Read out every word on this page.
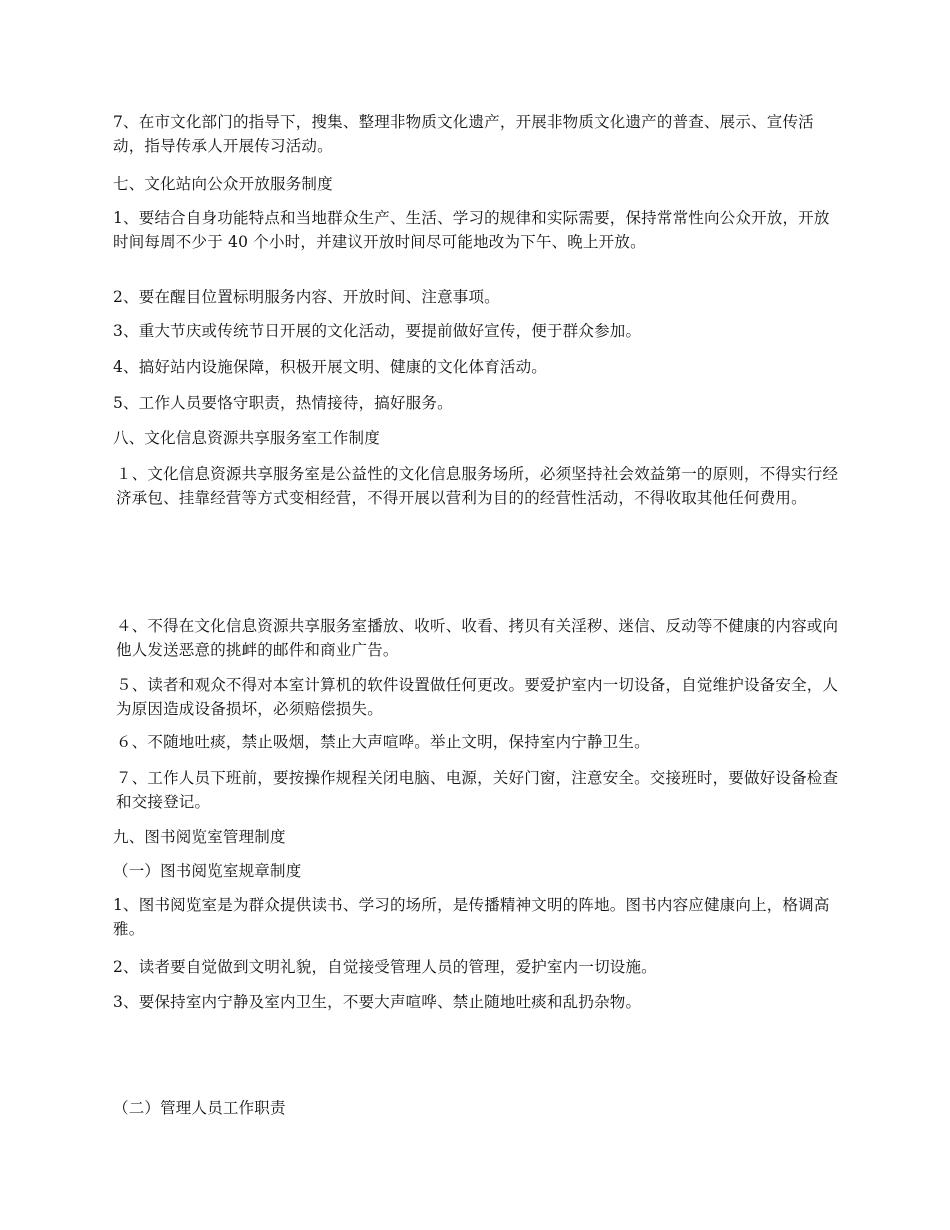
7、在市文化部门的指导下，搜集、整理非物质文化遗产，开展非物质文化遗产的普查、展示、宣传活动，指导传承人开展传习活动。

七、文化站向公众开放服务制度

1、要结合自身功能特点和当地群众生产、生活、学习的规律和实际需要，保持常常性向公众开放，开放时间每周不少于 40 个小时，并建议开放时间尽可能地改为下午、晚上开放。

2、要在醒目位置标明服务内容、开放时间、注意事项。

3、重大节庆或传统节日开展的文化活动，要提前做好宣传，便于群众参加。

4、搞好站内设施保障，积极开展文明、健康的文化体育活动。

5、工作人员要恪守职责，热情接待，搞好服务。

八、文化信息资源共享服务室工作制度

１、文化信息资源共享服务室是公益性的文化信息服务场所，必须坚持社会效益第一的原则，不得实行经济承包、挂靠经营等方式变相经营，不得开展以营利为目的的经营性活动，不得收取其他任何费用。

４、不得在文化信息资源共享服务室播放、收听、收看、拷贝有关淫秽、迷信、反动等不健康的内容或向他人发送恶意的挑衅的邮件和商业广告。

５、读者和观众不得对本室计算机的软件设置做任何更改。要爱护室内一切设备，自觉维护设备安全，人为原因造成设备损坏，必须赔偿损失。

６、不随地吐痰，禁止吸烟，禁止大声喧哗。举止文明，保持室内宁静卫生。

７、工作人员下班前，要按操作规程关闭电脑、电源，关好门窗，注意安全。交接班时，要做好设备检查和交接登记。

九、图书阅览室管理制度

（一）图书阅览室规章制度

1、图书阅览室是为群众提供读书、学习的场所，是传播精神文明的阵地。图书内容应健康向上，格调高雅。

2、读者要自觉做到文明礼貌，自觉接受管理人员的管理，爱护室内一切设施。

3、要保持室内宁静及室内卫生，不要大声喧哗、禁止随地吐痰和乱扔杂物。

（二）管理人员工作职责
